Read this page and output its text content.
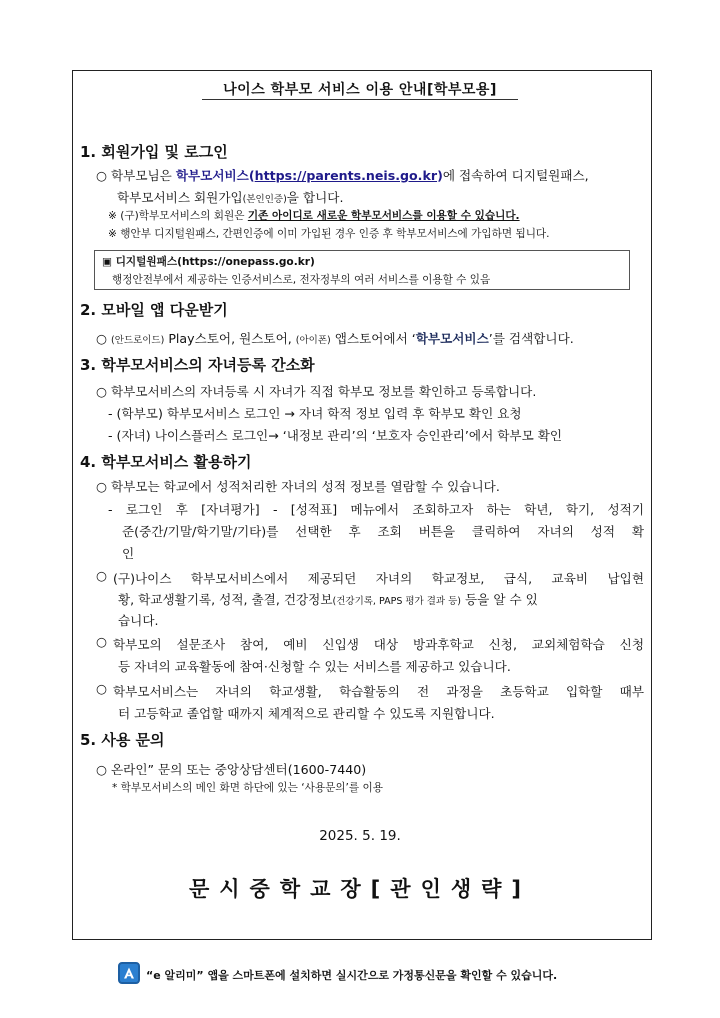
나이스 학부모 서비스 이용 안내[학부모용]
1. 회원가입 및 로그인
○ 학부모님은 학부모서비스(https://parents.neis.go.kr)에 접속하여 디지털원패스,
학부모서비스 회원가입(본인인증)을 합니다.
※ (구)학부모서비스의 회원은 기존 아이디로 새로운 학부모서비스를 이용할 수 있습니다.
※ 행안부 디지털원패스, 간편인증에 이미 가입된 경우 인증 후 학부모서비스에 가입하면 됩니다.
▣ 디지털원패스(https://onepass.go.kr)
행정안전부에서 제공하는 인증서비스로, 전자정부의 여러 서비스를 이용할 수 있음
2. 모바일 앱 다운받기
○ (안드로이드) Play스토어, 원스토어, (아이폰) 앱스토어에서 ‘학부모서비스’를 검색합니다.
3. 학부모서비스의 자녀등록 간소화
○ 학부모서비스의 자녀등록 시 자녀가 직접 학부모 정보를 확인하고 등록합니다.
- (학부모) 학부모서비스 로그인 → 자녀 학적 정보 입력 후 학부모 확인 요청
- (자녀) 나이스플러스 로그인→ ‘내정보 관리’의 ‘보호자 승인관리’에서 학부모 확인
4. 학부모서비스 활용하기
○ 학부모는 학교에서 성적처리한 자녀의 성적 정보를 열람할 수 있습니다.
- 로그인 후 [자녀평가] - [성적표] 메뉴에서 조회하고자 하는 학년, 학기, 성적기
준(중간/기말/학기말/기타)를 선택한 후 조회 버튼을 클릭하여 자녀의 성적 확
인
○ (구)나이스 학부모서비스에서 제공되던 자녀의 학교정보, 급식, 교육비 납입현
황, 학교생활기록, 성적, 출결, 건강정보(건강기록, PAPS 평가 결과 등) 등을 알 수 있
습니다.
○ 학부모의 설문조사 참여, 예비 신입생 대상 방과후학교 신청, 교외체험학습 신청
등 자녀의 교육활동에 참여·신청할 수 있는 서비스를 제공하고 있습니다.
○ 학부모서비스는 자녀의 학교생활, 학습활동의 전 과정을 초등학교 입학할 때부
터 고등학교 졸업할 때까지 체계적으로 관리할 수 있도록 지원합니다.
5. 사용 문의
○ 온라인” 문의 또는 중앙상담센터(1600-7440)
* 학부모서비스의 메인 화면 하단에 있는 ‘사용문의’를 이용
2025. 5. 19.
문시중학교장[관인생략]
“e 알리미” 앱을 스마트폰에 설치하면 실시간으로 가정통신문을 확인할 수 있습니다.
